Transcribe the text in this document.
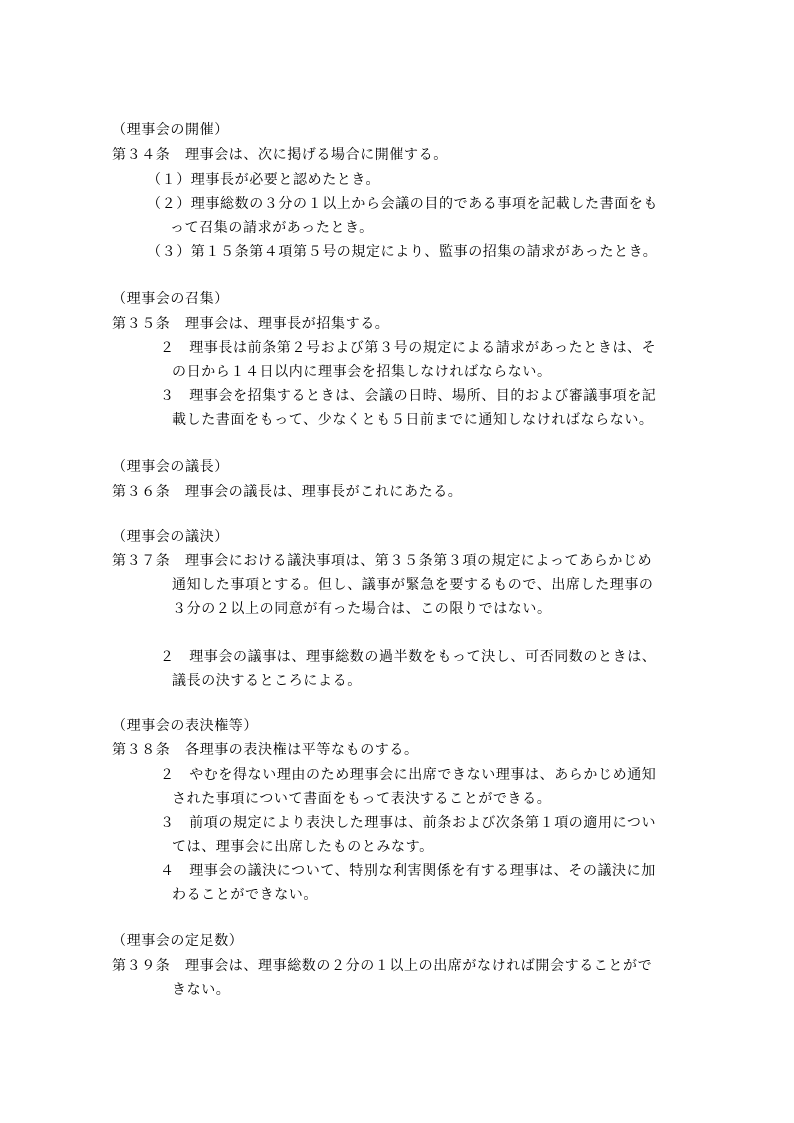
（理事会の開催）
第３４条　理事会は、次に掲げる場合に開催する。
（１）理事長が必要と認めたとき。
（２）理事総数の３分の１以上から会議の目的である事項を記載した書面をも
って召集の請求があったとき。
（３）第１５条第４項第５号の規定により、監事の招集の請求があったとき。
（理事会の召集）
第３５条　理事会は、理事長が招集する。
２　理事長は前条第２号および第３号の規定による請求があったときは、そ
の日から１４日以内に理事会を招集しなければならない。
３　理事会を招集するときは、会議の日時、場所、目的および審議事項を記
載した書面をもって、少なくとも５日前までに通知しなければならない。
（理事会の議長）
第３６条　理事会の議長は、理事長がこれにあたる。
（理事会の議決）
第３７条　理事会における議決事項は、第３５条第３項の規定によってあらかじめ
通知した事項とする。但し、議事が緊急を要するもので、出席した理事の
３分の２以上の同意が有った場合は、この限りではない。
２　理事会の議事は、理事総数の過半数をもって決し、可否同数のときは、
議長の決するところによる。
（理事会の表決権等）
第３８条　各理事の表決権は平等なものする。
２　やむを得ない理由のため理事会に出席できない理事は、あらかじめ通知
された事項について書面をもって表決することができる。
３　前項の規定により表決した理事は、前条および次条第１項の適用につい
ては、理事会に出席したものとみなす。
４　理事会の議決について、特別な利害関係を有する理事は、その議決に加
わることができない。
（理事会の定足数）
第３９条　理事会は、理事総数の２分の１以上の出席がなければ開会することがで
きない。
